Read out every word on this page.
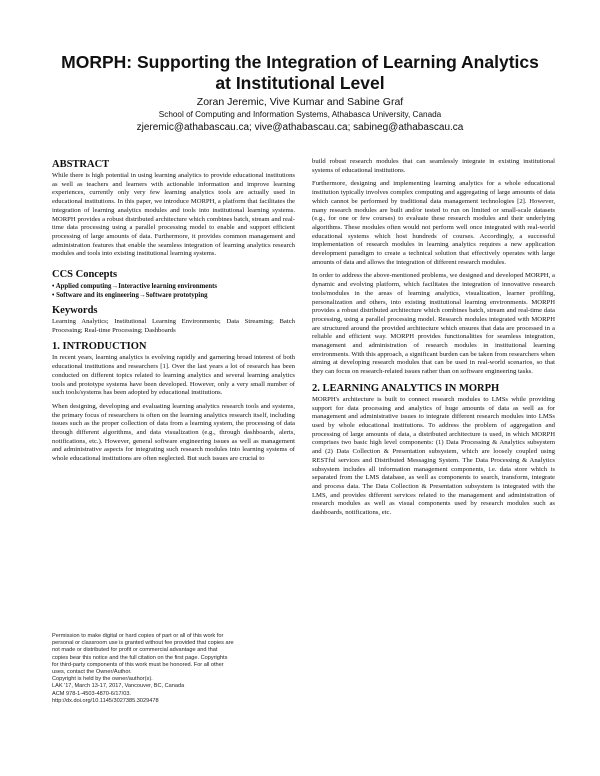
MORPH: Supporting the Integration of Learning Analytics
at Institutional Level
Zoran Jeremic, Vive Kumar and Sabine Graf
School of Computing and Information Systems, Athabasca University, Canada
zjeremic@athabascau.ca; vive@athabascau.ca; sabineg@athabascau.ca
ABSTRACT

While there is high potential in using learning analytics to provide educational institutions as well as teachers and learners with actionable information and improve learning experiences, currently only very few learning analytics tools are actually used in educational institutions. In this paper, we introduce MORPH, a platform that facilitates the integration of learning analytics modules and tools into institutional learning systems. MORPH provides a robust distributed architecture which combines batch, stream and real-time data processing using a parallel processing model to enable and support efficient processing of large amounts of data. Furthermore, it provides common management and administration features that enable the seamless integration of learning analytics research modules and tools into existing institutional learning systems.

CCS Concepts
• Applied computing→Interactive learning environments
• Software and its engineering→Software prototyping
Keywords

Learning Analytics; Institutional Learning Environments; Data Streaming; Batch Processing; Real-time Processing; Dashboards

1. INTRODUCTION

In recent years, learning analytics is evolving rapidly and garnering broad interest of both educational institutions and researchers [1]. Over the last years a lot of research has been conducted on different topics related to learning analytics and several learning analytics tools and prototype systems have been developed. However, only a very small number of such tools/systems has been adopted by educational institutions.

When designing, developing and evaluating learning analytics research tools and systems, the primary focus of researchers is often on the learning analytics research itself, including issues such as the proper collection of data from a learning system, the processing of data through different algorithms, and data visualization (e.g., through dashboards, alerts, notifications, etc.). However, general software engineering issues as well as management and administrative aspects for integrating such research modules into learning systems of whole educational institutions are often neglected. But such issues are crucial to

Permission to make digital or hard copies of part or all of this work for
personal or classroom use is granted without fee provided that copies are
not made or distributed for profit or commercial advantage and that
copies bear this notice and the full citation on the first page. Copyrights
for third-party components of this work must be honored. For all other
uses, contact the Owner/Author.
Copyright is held by the owner/author(s).
LAK '17, March 13-17, 2017, Vancouver, BC, Canada
ACM 978-1-4503-4870-6/17/03.
http://dx.doi.org/10.1145/3027385.3029478

build robust research modules that can seamlessly integrate in existing institutional systems of educational institutions.

Furthermore, designing and implementing learning analytics for a whole educational institution typically involves complex computing and aggregating of large amounts of data which cannot be performed by traditional data management technologies [2]. However, many research modules are built and/or tested to run on limited or small-scale datasets (e.g., for one or few courses) to evaluate these research modules and their underlying algorithms. These modules often would not perform well once integrated with real-world educational systems which host hundreds of courses. Accordingly, a successful implementation of research modules in learning analytics requires a new application development paradigm to create a technical solution that effectively operates with large amounts of data and allows the integration of different research modules.

In order to address the above-mentioned problems, we designed and developed MORPH, a dynamic and evolving platform, which facilitates the integration of innovative research tools/modules in the areas of learning analytics, visualization, learner profiling, personalization and others, into existing institutional learning environments. MORPH provides a robust distributed architecture which combines batch, stream and real-time data processing, using a parallel processing model. Research modules integrated with MORPH are structured around the provided architecture which ensures that data are processed in a reliable and efficient way. MORPH provides functionalities for seamless integration, management and administration of research modules in institutional learning environments. With this approach, a significant burden can be taken from researchers when aiming at developing research modules that can be used in real-world scenarios, so that they can focus on research-related issues rather than on software engineering tasks.

2. LEARNING ANALYTICS IN MORPH

MORPH's architecture is built to connect research modules to LMSs while providing support for data processing and analytics of huge amounts of data as well as for management and administrative issues to integrate different research modules into LMSs used by whole educational institutions. To address the problem of aggregation and processing of large amounts of data, a distributed architecture is used, in which MORPH comprises two basic high level components: (1) Data Processing & Analytics subsystem and (2) Data Collection & Presentation subsystem, which are loosely coupled using RESTful services and Distributed Messaging System. The Data Processing & Analytics subsystem includes all information management components, i.e. data store which is separated from the LMS database, as well as components to search, transform, integrate and process data. The Data Collection & Presentation subsystem is integrated with the LMS, and provides different services related to the management and administration of research modules as well as visual components used by research modules such as dashboards, notifications, etc.
